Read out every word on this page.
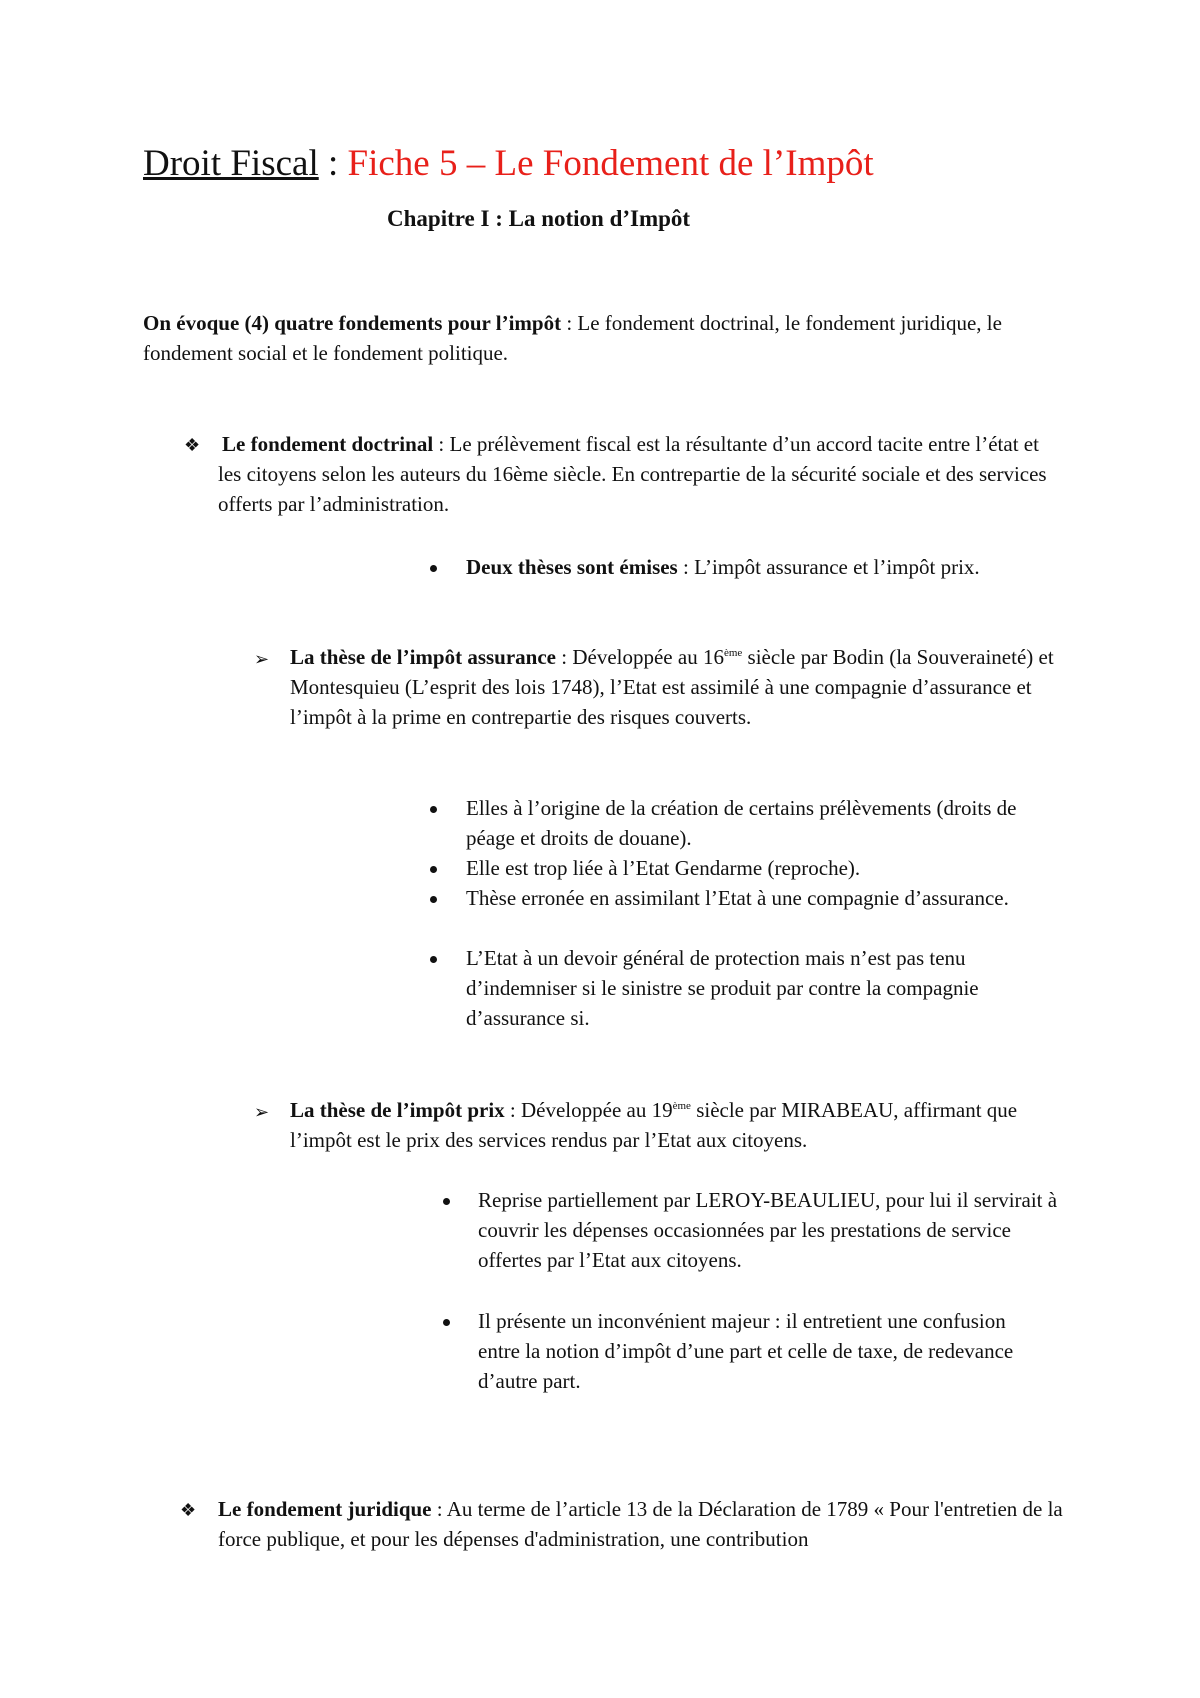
Droit Fiscal : Fiche 5 – Le Fondement de l’Impôt
Chapitre I : La notion d’Impôt
On évoque (4) quatre fondements pour l’impôt : Le fondement doctrinal, le fondement juridique, le fondement social et le fondement politique.
❖ Le fondement doctrinal : Le prélèvement fiscal est la résultante d’un accord tacite entre l’état et les citoyens selon les auteurs du 16ème siècle. En contrepartie de la sécurité sociale et des services offerts par l’administration.
Deux thèses sont émises : L’impôt assurance et l’impôt prix.
➢ La thèse de l’impôt assurance : Développée au 16ème siècle par Bodin (la Souveraineté) et Montesquieu (L’esprit des lois 1748), l’Etat est assimilé à une compagnie d’assurance et l’impôt à la prime en contrepartie des risques couverts.
Elles à l’origine de la création de certains prélèvements (droits de péage et droits de douane).
Elle est trop liée à l’Etat Gendarme (reproche).
Thèse erronée en assimilant l’Etat à une compagnie d’assurance.
L’Etat à un devoir général de protection mais n’est pas tenu d’indemniser si le sinistre se produit par contre la compagnie d’assurance si.
➢ La thèse de l’impôt prix : Développée au 19ème siècle par MIRABEAU, affirmant que l’impôt est le prix des services rendus par l’Etat aux citoyens.
Reprise partiellement par LEROY-BEAULIEU, pour lui il servirait à couvrir les dépenses occasionnées par les prestations de service offertes par l’Etat aux citoyens.
Il présente un inconvénient majeur : il entretient une confusion entre la notion d’impôt d’une part et celle de taxe, de redevance d’autre part.
❖ Le fondement juridique : Au terme de l’article 13 de la Déclaration de 1789 « Pour l'entretien de la force publique, et pour les dépenses d'administration, une contribution
